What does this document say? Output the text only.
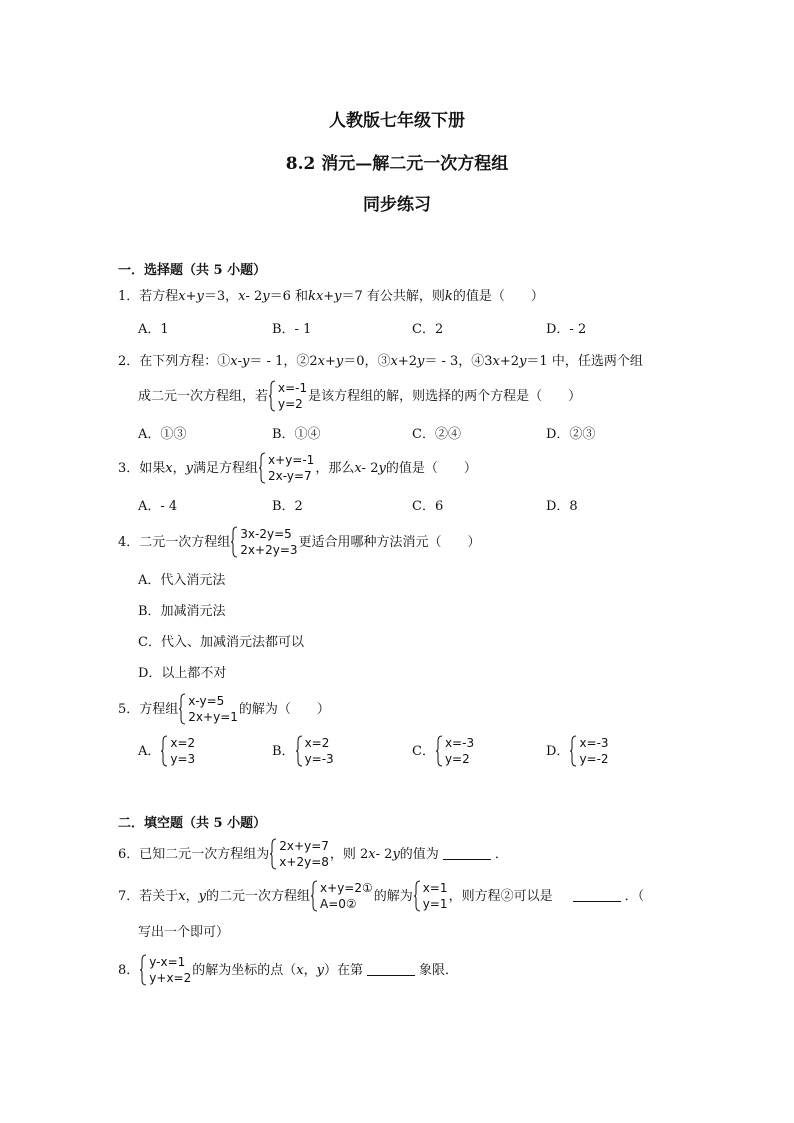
人教版七年级下册
8.2 消元—解二元一次方程组
同步练习
一．选择题（共 5 小题）
1． 若方程 x+y ＝3， x - 2 y ＝6 和 kx+y ＝7 有公共解，则 k 的值是（　　）
A．1	B．- 1	C．2	D．- 2
2． 在下列方程：① x - y ＝ - 1，②2 x+y ＝0，③ x +2 y ＝ - 3，④3 x +2 y ＝1 中，任选两个组
成二元一次方程组，若
x=-1
y=2
是该方程组的解，则选择的两个方程是（　　）
A．①③	B．①④	C．②④	D．②③
3． 如果 x ， y 满足方程组
x+y=-1
2x-y=7
，那么 x - 2 y 的值是（　　）
A．- 4	B．2	C．6	D．8
4． 二元一次方程组
3x-2y=5
2x+2y=3
更适合用哪种方法消元（　　）
A．代入消元法
B．加减消元法
C．代入、加减消元法都可以
D．以上都不对
5． 方程组
x-y=5
2x+y=1
的解为（　　）
A．
x=2
y=3
B．
x=2
y=-3
C．
x=-3
y=2
D．
x=-3
y=-2
二．填空题（共 5 小题）
6． 已知二元一次方程组为
2x+y=7
x+2y=8
，则 2 x - 2 y 的值为	．
7． 若关于 x ， y 的二元一次方程组
x+y=2①
A=0②
的解为
x=1
y=1
，则方程②可以是	．（
写出一个即可）
8．
y-x=1
y+x=2
的解为坐标的点（ x ， y ）在第	象限．
